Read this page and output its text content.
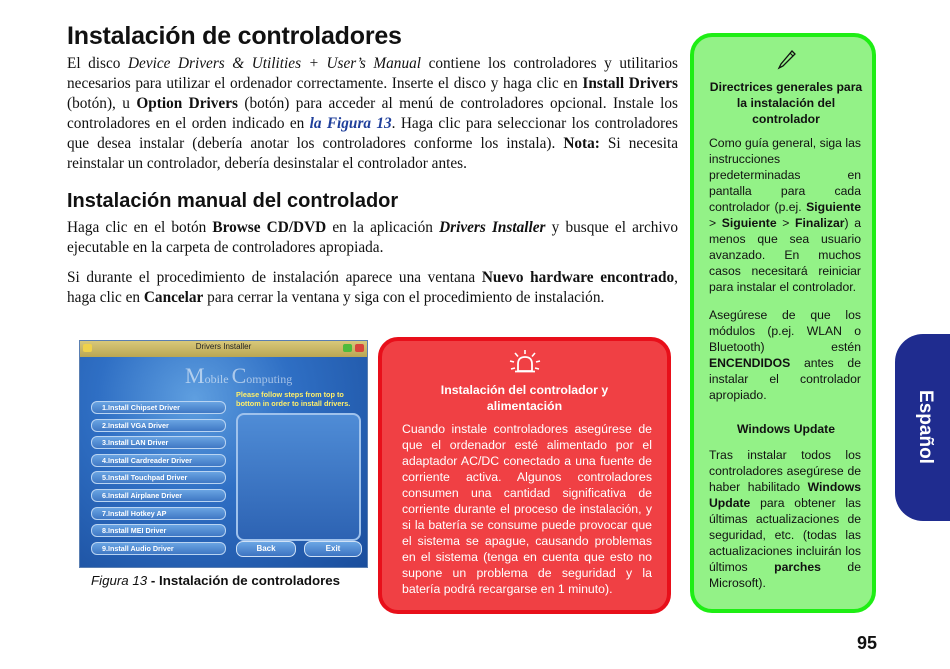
Instalación de controladores

El disco Device Drivers & Utilities + User’s Manual contiene los controladores y utilitarios necesarios para utilizar el ordenador correctamente. Inserte el disco y haga clic en Install Drivers (botón), u Option Drivers (botón) para acceder al menú de controladores opcional. Instale los controladores en el orden indicado en la Figura 13. Haga clic para seleccionar los controladores que desea instalar (debería anotar los controladores conforme los instala). Nota: Si necesita reinstalar un controlador, debería desinstalar el controlador antes.

Instalación manual del controlador

Haga clic en el botón Browse CD/DVD en la aplicación Drivers Installer y busque el archivo ejecutable en la carpeta de controladores apropiada.

Si durante el procedimiento de instalación aparece una ventana Nuevo hardware encontrado, haga clic en Cancelar para cerrar la ventana y siga con el procedimiento de instalación.

Drivers Installer
Mobile Computing
1.Install Chipset Driver
2.Install VGA Driver
3.Install LAN Driver
4.Install Cardreader Driver
5.Install Touchpad Driver
6.Install Airplane Driver
7.Install Hotkey AP
8.Install MEI Driver
9.Install Audio Driver
Please follow steps from top to bottom in order to install drivers.
Back	Exit
Figura 13 - Instalación de controladores
Instalación del controlador y alimentación
Cuando instale controladores asegúrese de que el ordenador esté alimentado por el adaptador AC/DC conectado a una fuente de corriente activa. Algunos controladores consumen una cantidad significativa de corriente durante el proceso de instalación, y si la batería se consume puede provocar que el sistema se apague, causando problemas en el sistema (tenga en cuenta que esto no supone un problema de seguridad y la batería podrá recargarse en 1 minuto).
Directrices generales para la instalación del controlador

Como guía general, siga las instrucciones predeterminadas en pantalla para cada controlador (p.ej. Siguiente > Siguiente > Finalizar) a menos que sea usuario avanzado. En muchos casos necesitará reiniciar para instalar el controlador.

Asegúrese de que los módulos (p.ej. WLAN o Bluetooth) estén ENCENDIDOS antes de instalar el controlador apropiado.

Windows Update

Tras instalar todos los controladores asegúrese de haber habilitado Windows Update para obtener las últimas actualizaciones de seguridad, etc. (todas las actualizaciones incluirán los últimos parches de Microsoft).

Español
95
